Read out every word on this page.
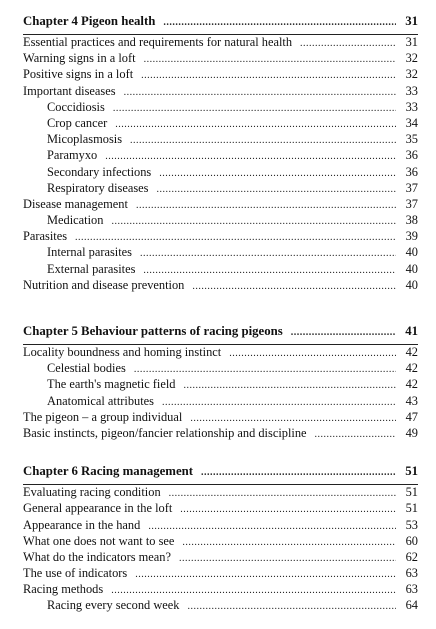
Chapter 4 Pigeon health .....	31
Essential practices and requirements for natural health .....	31
Warning signs in a loft .....	32
Positive signs in a loft .....	32
Important diseases .....	33
Coccidiosis .....	33
Crop cancer .....	34
Micoplasmosis .....	35
Paramyxo .....	36
Secondary infections .....	36
Respiratory diseases .....	37
Disease management .....	37
Medication .....	38
Parasites .....	39
Internal parasites .....	40
External parasites .....	40
Nutrition and disease prevention .....	40
Chapter 5 Behaviour patterns of racing pigeons .....	41
Locality boundness and homing instinct .....	42
Celestial bodies .....	42
The earth's magnetic field .....	42
Anatomical attributes .....	43
The pigeon – a group individual .....	47
Basic instincts, pigeon/fancier relationship and discipline .....	49
Chapter 6 Racing management .....	51
Evaluating racing condition .....	51
General appearance in the loft .....	51
Appearance in the hand .....	53
What one does not want to see .....	60
What do the indicators mean? .....	62
The use of indicators .....	63
Racing methods .....	63
Racing every second week .....	64
